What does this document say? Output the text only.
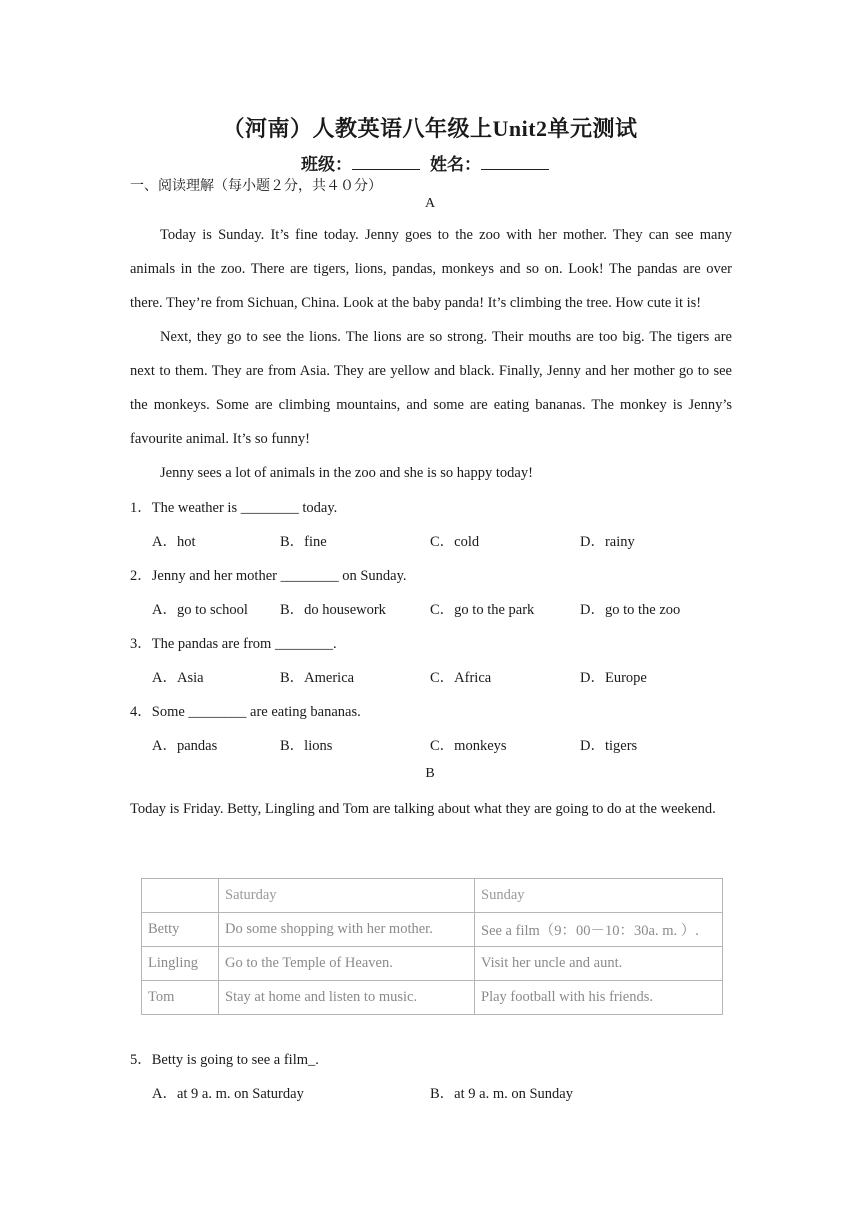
（河南）人教英语八年级上Unit2单元测试
班级：	姓名：
一、阅读理解（每小题２分，共４０分）
A

Today is Sunday. It’s fine today. Jenny goes to the zoo with her mother. They can see many animals in the zoo. There are tigers, lions, pandas, monkeys and so on. Look! The pandas are over there. They’re from Sichuan, China. Look at the baby panda! It’s climbing the tree. How cute it is!

Next, they go to see the lions. The lions are so strong. Their mouths are too big. The tigers are next to them. They are from Asia. They are yellow and black. Finally, Jenny and her mother go to see the monkeys. Some are climbing mountains, and some are eating bananas. The monkey is Jenny’s favourite animal. It’s so funny!

Jenny sees a lot of animals in the zoo and she is so happy today!

1．The weather is ________ today.
A．hot	B．fine	C．cold	D．rainy
2．Jenny and her mother ________ on Sunday.
A．go to school B．do housework	C．go to the park	D．go to the zoo
3．The pandas are from ________.
A．Asia	B．America	C．Africa	D．Europe
4．Some ________ are eating bananas.
A．pandas	B．lions	C．monkeys	D．tigers
B
Today is Friday. Betty, Lingling and Tom are talking about what they are going to do at the weekend.
	Saturday	Sunday
Betty	Do some shopping with her mother.	See a film（9：00－10：30a. m. ）.
Lingling	Go to the Temple of Heaven.	Visit her uncle and aunt.
Tom	Stay at home and listen to music.	Play football with his friends.
5．Betty is going to see a film_.
A．at 9 a. m. on Saturday	B．at 9 a. m. on Sunday
